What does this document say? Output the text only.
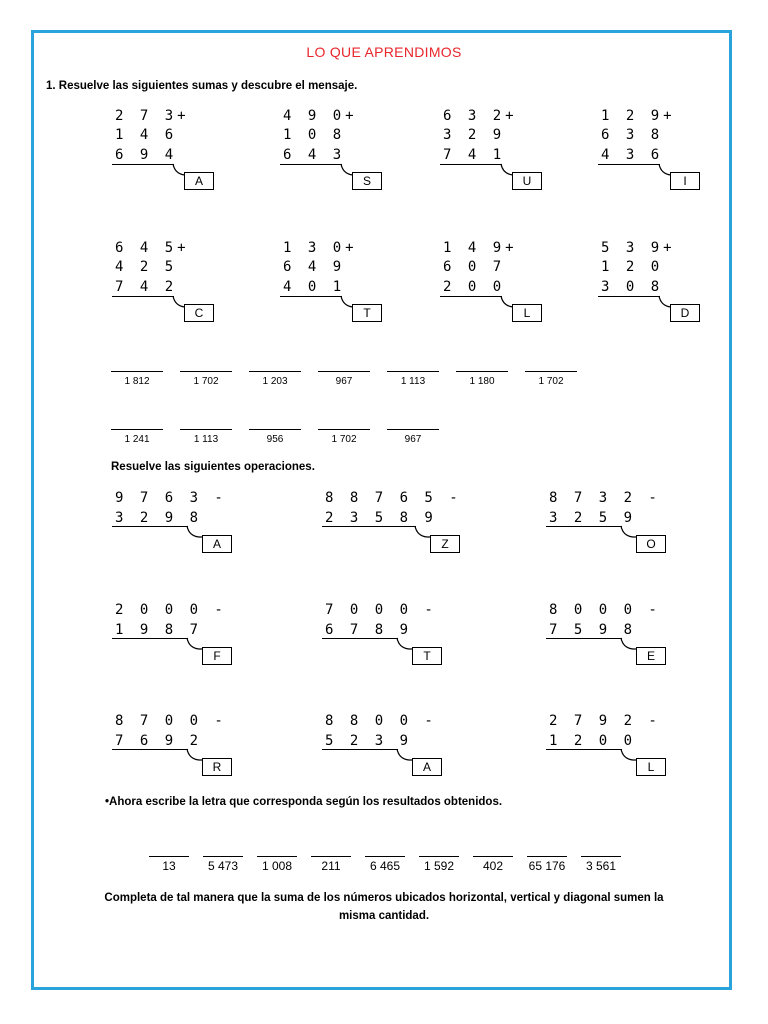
LO QUE APRENDIMOS
1. Resuelve las siguientes sumas y descubre el mensaje.
2 7 3+
1 4 6
6 9 4
A
4 9 0+
1 0 8
6 4 3
S
6 3 2+
3 2 9
7 4 1
U
1 2 9+
6 3 8
4 3 6
I
6 4 5+
4 2 5
7 4 2
C
1 3 0+
6 4 9
4 0 1
T
1 4 9+
6 0 7
2 0 0
L
5 3 9+
1 2 0
3 0 8
D
1 812	1 702	1 203	967	1 113	1 180	1 702
1 241	1 113	956	1 702	967
Resuelve las siguientes operaciones.
9 7 6 3 -
3 2 9 8
A
8 8 7 6 5 -
2 3 5 8 9
Z
8 7 3 2 -
3 2 5 9
O
2 0 0 0 -
1 9 8 7
F
7 0 0 0 -
6 7 8 9
T
8 0 0 0 -
7 5 9 8
E
8 7 0 0 -
7 6 9 2
R
8 8 0 0 -
5 2 3 9
A
2 7 9 2 -
1 2 0 0
L
•Ahora escribe la letra que corresponda según los resultados obtenidos.
13	5 473	1 008	211	6 465	1 592	402	65 176	3 561
Completa de tal manera que la suma de los números ubicados horizontal, vertical y diagonal sumen la misma cantidad.
